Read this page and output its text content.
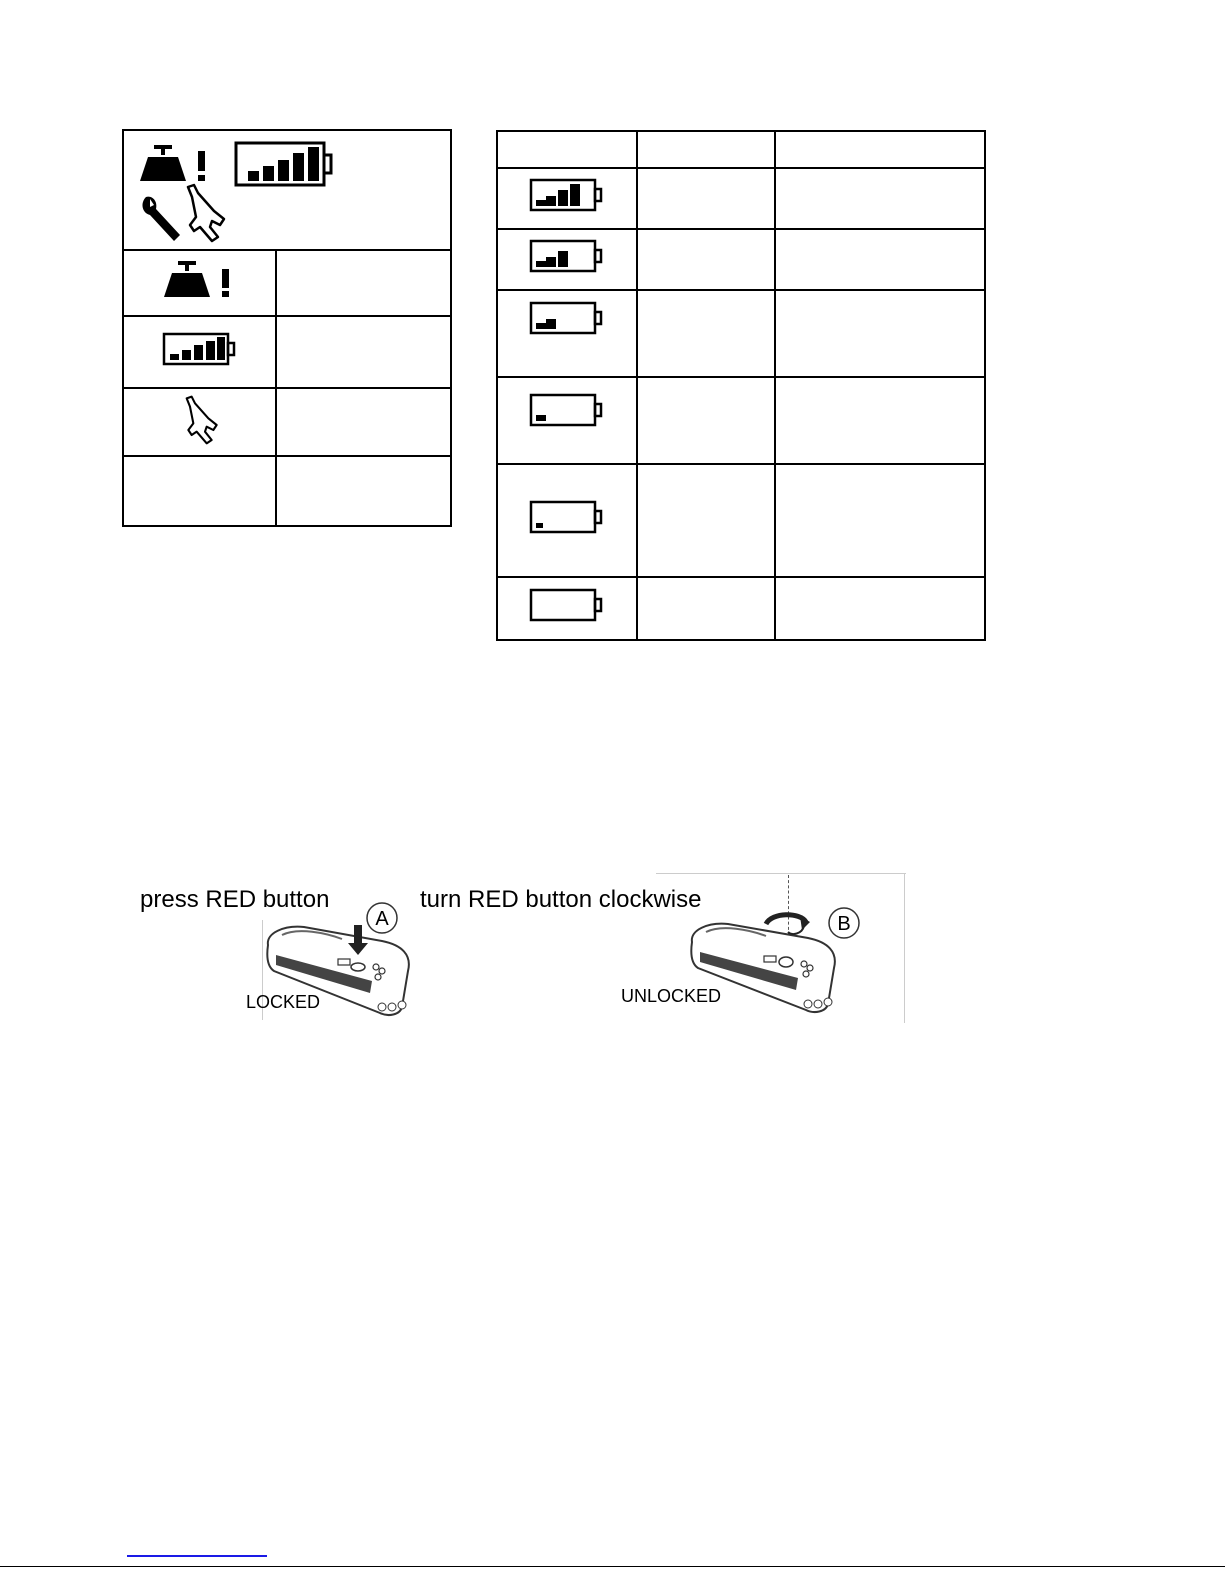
press RED button	turn RED button clockwise
A
LOCKED
B
UNLOCKED
